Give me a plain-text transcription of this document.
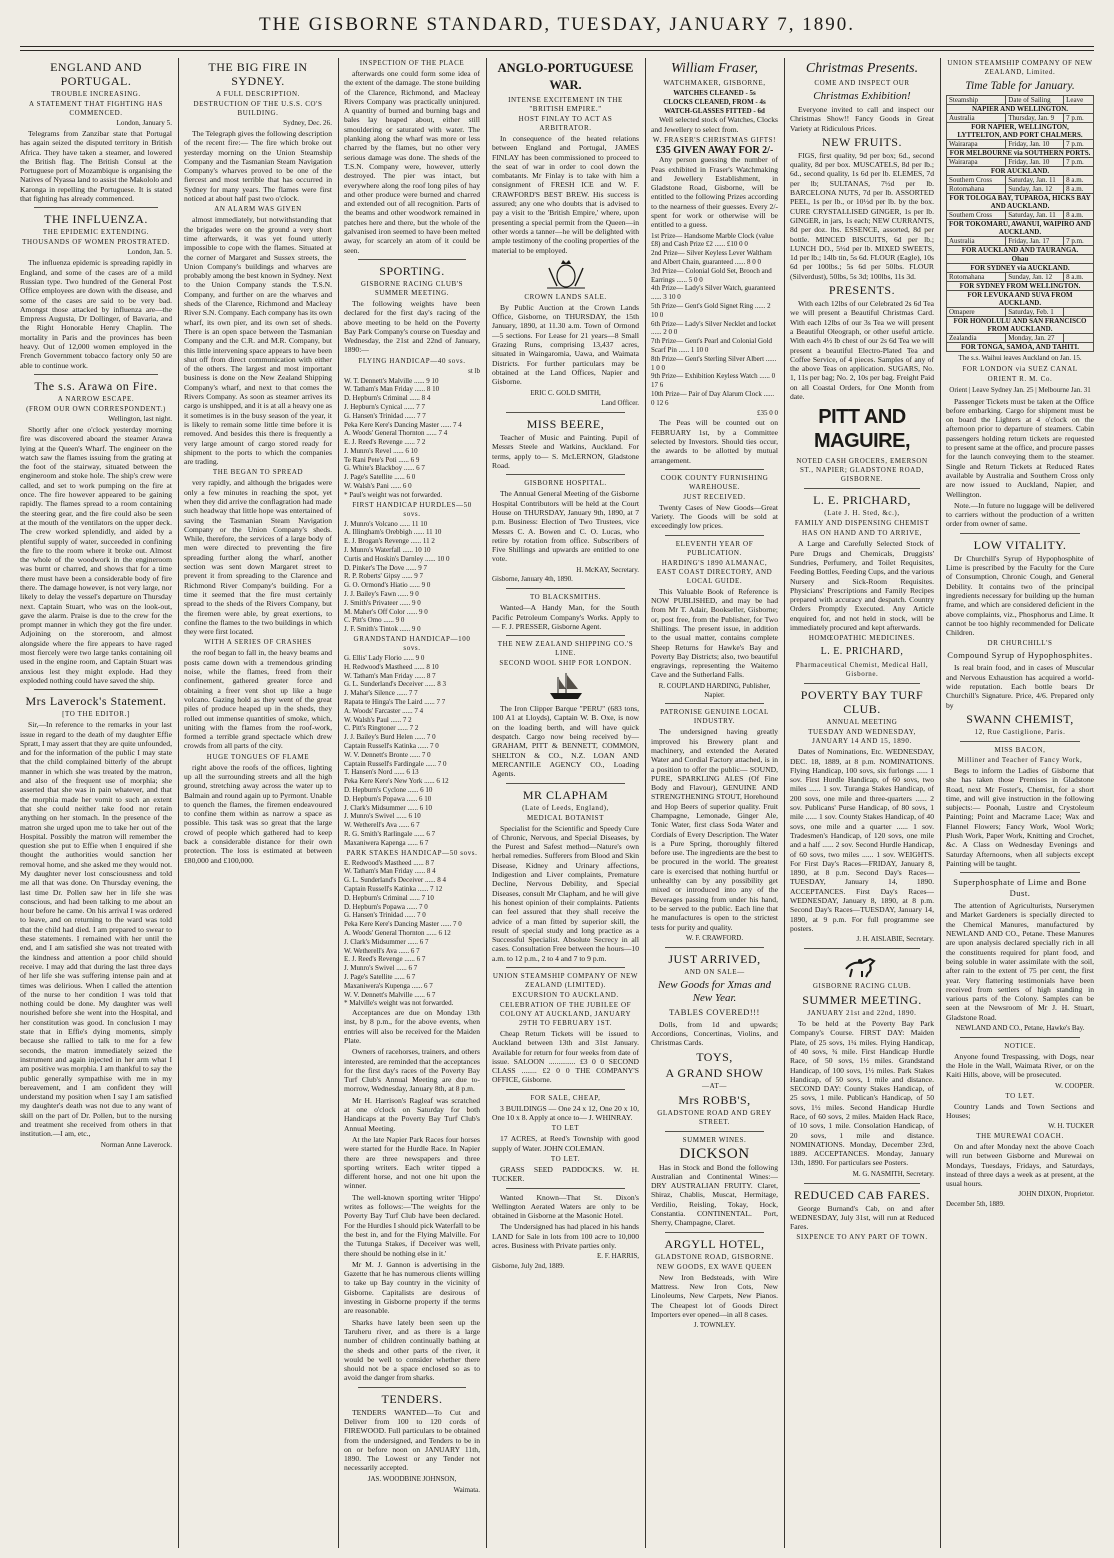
THE GISBORNE STANDARD, TUESDAY, JANUARY 7, 1890.
ENGLAND AND PORTUGAL.
TROUBLE INCREASING.
A STATEMENT THAT FIGHTING HAS COMMENCED.
London, January 5.

Telegrams from Zanzibar state that Portugal has again seized the disputed territory in British Africa. They have taken a steamer, and lowered the British flag. The British Consul at the Portuguese port of Mozambique is organising the Natives of Nyassa land to assist the Makololo and Karonga in repelling the Portuguese. It is stated that fighting has already commenced.

THE INFLUENZA.
THE EPIDEMIC EXTENDING.
THOUSANDS OF WOMEN PROSTRATED.
London, Jan. 5.

The influenza epidemic is spreading rapidly in England, and some of the cases are of a mild Russian type. Two hundred of the General Post Office employees are down with the disease, and some of the cases are said to be very bad. Amongst those attacked by influenza are—the Empress Augusta, Dr Dollinger, of Bavaria, and the Right Honorable Henry Chaplin. The mortality in Paris and the provinces has been heavy. Out of 12,000 women employed in the French Government tobacco factory only 50 are able to continue work.

The s.s. Arawa on Fire.
A NARROW ESCAPE.
(FROM OUR OWN CORRESPONDENT.)
Wellington, last night.

Shortly after one o'clock yesterday morning fire was discovered aboard the steamer Arawa lying at the Queen's Wharf. The engineer on the watch saw the flames issuing from the grating at the foot of the stairway, situated between the engineroom and stoke hole. The ship's crew were called, and set to work pumping on the fire at once. The fire however appeared to be gaining rapidly. The flames spread to a room containing the steering gear, and the fire could also be seen at the mouth of the ventilators on the upper deck. The crew worked splendidly, and aided by a plentiful supply of water, succeeded in confining the fire to the room where it broke out. Almost the whole of the woodwork in the engineroom was burnt or charred, and shows that for a time there must have been a considerable body of fire there. The damage however, is not very large, nor likely to delay the vessel's departure on Thursday next. Captain Stuart, who was on the look-out, gave the alarm. Praise is due to the crew for the prompt manner in which they got the fire under. Adjoining on the storeroom, and almost alongside where the fire appears to have raged most fiercely were two large tanks containing oil used in the engine room, and Captain Stuart was anxious lest they might explode. Had they exploded nothing could have saved the ship.

Mrs Laverock's Statement.
[TO THE EDITOR.]

Sir,—In reference to the remarks in your last issue in regard to the death of my daughter Effie Spratt, I may assert that they are quite unfounded, and for the information of the public I may state that the child complained bitterly of the abrupt manner in which she was treated by the matron, and also of the frequent use of morphia; she asserted that she was in pain whatever, and that the morphia made her vomit to such an extent that she could neither take food nor retain anything on her stomach. In the presence of the matron she urged upon me to take her out of the Hospital. Possibly the matron will remember the question she put to Effie when I enquired if she thought the authorities would sanction her removal home, and she asked me they would not. My daughter never lost consciousness and told me all that was done. On Thursday evening, the last time Dr. Pollen saw her in life she was conscious, and had been talking to me about an hour before he came. On his arrival I was ordered to leave, and on returning to the ward was told that the child had died. I am prepared to swear to these statements. I remained with her until the end, and I am satisfied she was not treated with the kindness and attention a poor child should receive. I may add that during the last three days of her life she was suffering intense pain and at times was delirious. When I called the attention of the nurse to her condition I was told that nothing could be done. My daughter was well nourished before she went into the Hospital, and her constitution was good. In conclusion I may state that in Effie's dying moments, simply because she rallied to talk to me for a few seconds, the matron immediately seized the instrument and again injected in her arm what I am positive was morphia. I am thankful to say the public generally sympathise with me in my bereavement, and I am confident they will understand my position when I say I am satisfied my daughter's death was not due to any want of skill on the part of Dr. Pollen, but to the nursing and treatment she received from others in that institution.—I am, etc.,

Norman Anne Laverock.
THE BIG FIRE IN SYDNEY.
A FULL DESCRIPTION.
DESTRUCTION OF THE U.S.S. CO'S BUILDING.
Sydney, Dec. 26.

The Telegraph gives the following description of the recent fire:— The fire which broke out yesterday morning on the Union Steamship Company and the Tasmanian Steam Navigation Company's wharves proved to be one of the fiercest and most terrible that has occurred in Sydney for many years. The flames were first noticed at about half past two o'clock.

AN ALARM WAS GIVEN

almost immediately, but notwithstanding that the brigades were on the ground a very short time afterwards, it was yet found utterly impossible to cope with the flames. Situated at the corner of Margaret and Sussex streets, the Union Company's buildings and wharves are probably among the best known in Sydney. Next to the Union Company stands the T.S.N. Company, and further on are the wharves and sheds of the Clarence, Richmond and Macleay River S.N. Company. Each company has its own wharf, its own pier, and its own set of sheds. There is an open space between the Tasmanian Company and the C.R. and M.R. Company, but this little intervening space appears to have been shut off from direct communication with either of the others. The largest and most important business is done on the New Zealand Shipping Company's wharf, and next to that comes the Rivers Company. As soon as steamer arrives its cargo is unshipped, and it is at all a heavy one as it sometimes is in the busy season of the year, it is likely to remain some little time before it is removed. And besides this there is frequently a very large amount of cargo stored ready for shipment to the ports to which the companies are trading.

THE BEGAN TO SPREAD

very rapidly, and although the brigades were only a few minutes in reaching the spot, yet when they did arrive the conflagration had made such headway that little hope was entertained of saving the Tasmanian Steam Navigation Company or the Union Company's sheds. While, therefore, the services of a large body of men were directed to preventing the fire spreading further along the wharf, another section was sent down Margaret street to prevent it from spreading to the Clarence and Richmond River Company's building. For a time it seemed that the fire must certainly spread to the sheds of the Rivers Company, but the firemen were able, by great exertions, to confine the flames to the two buildings in which they were first located.

WITH A SERIES OF CRASHES

the roof began to fall in, the heavy beams and posts came down with a tremendous grinding noise, while the flames, freed from their confinement, gathered greater force and obtaining a freer vent shot up like a huge volcano. Gazing hold as they went of the great piles of produce heaped up in the sheds, they rolled out immense quantities of smoke, which, uniting with the flames from the roof-work, formed a terrible grand spectacle which drew crowds from all parts of the city.

HUGE TONGUES OF FLAME

right above the roofs of the offices, lighting up all the surrounding streets and all the high ground, stretching away across the water up to Balmain and round again up to Pyrmont. Unable to quench the flames, the firemen endeavoured to confine them within as narrow a space as possible. This task was so great that the large crowd of people which gathered had to keep back a considerable distance for their own protection. The loss is estimated at between £80,000 and £100,000.

INSPECTION OF THE PLACE

afterwards one could form some idea of the extent of the damage. The stone building of the Clarence, Richmond, and Macleay Rivers Company was practically uninjured. A quantity of burned and burning bags and bales lay heaped about, either still smouldering or saturated with water. The planking along the wharf was more or less charred by the flames, but no other very serious damage was done. The sheds of the T.S.N. Company were, however, utterly destroyed. The pier was intact, but everywhere along the roof long piles of hay and other produce were burned and charred and extended out of all recognition. Parts of the beams and other woodwork remained in patches here and there, but the whole of the galvanised iron seemed to have been melted away, for scarcely an atom of it could be seen.

SPORTING.
GISBORNE RACING CLUB'S SUMMER MEETING.

The following weights have been declared for the first day's racing of the above meeting to be held on the Poverty Bay Park Company's course on Tuesday and Wednesday, the 21st and 22nd of January, 1890:—

FLYING HANDICAP—40 sovs.
st lb
W. T. Dennett's Malville ...... 9 10
W. Tatham's Man Friday ...... 8 10
D. Hepburn's Criminal ...... 8 4
J. Hepburn's Cynical ...... 7 7
G. Hansen's Trinidad ...... 7 7
Peka Kere Kere's Dancing Master ...... 7 4
A. Woods' General Thornton ...... 7 4
E. J. Reed's Revenge ...... 7 2
J. Munro's Revel ...... 6 10
Te Rani Pete's Poti ...... 6 9
G. White's Blackboy ...... 6 7
J. Page's Satellite ...... 6 0
W. Walsh's Pani ...... 6 0
* Paul's weight was not forwarded.
FIRST HANDICAP HURDLES—50 sovs.
J. Munro's Volcano ...... 11 10
A. Illingham's Orebbigh ...... 11 10
E. J. Brogan's Revenge ...... 11 2
J. Munro's Waterfall ...... 10 10
Curtis and Hoskin's Darnley ...... 10 0
D. Pinker's The Dove ...... 9 7
R. P. Roberts' Gipsy ...... 9 7
G. O. Ormond's Hiatio ...... 9 0
J. J. Bailey's Fawn ...... 9 0
J. Smith's Privateer ...... 9 0
M. Maher's Off Color ...... 9 0
C. Pitt's Omo ...... 9 0
J. F. Smith's Tintok ...... 9 0
GRANDSTAND HANDICAP—100 sovs.
G. Ellis' Lady Florio ...... 9 0
H. Redwood's Mastheed ...... 8 10
W. Tatham's Man Friday ...... 8 7
G. L. Sunderland's Deceiver ...... 8 3
J. Mahar's Silence ...... 7 7
Rapata te Hinga's The Laird ...... 7 7
A. Woods' Farcaster ...... 7 4
W. Walsh's Paul ...... 7 2
C. Pitt's Ringtoner ...... 7 2
J. J. Bailey's Burd Helen ...... 7 0
Captain Russell's Katinka ...... 7 0
W. V. Dennett's Bronte ...... 7 0
Captain Russell's Fardingale ...... 7 0
T. Hansen's Nord ...... 6 13
Peka Kere Kere's New York ...... 6 12
D. Hepburn's Cyclone ...... 6 10
D. Hepburn's Popawa ...... 6 10
J. Clark's Midsummer ...... 6 10
J. Munro's Swivel ...... 6 10
W. Wetherell's Ava ...... 6 7
R. G. Smith's Rarlingale ...... 6 7
Maxaniwera Kapenga ...... 6 7
PARK STAKES HANDICAP—50 sovs.
E. Redwood's Mastheed ...... 8 7
W. Tatham's Man Friday ...... 8 4
G. L. Sunderland's Deceiver ...... 8 4
Captain Russell's Katinka ...... 7 12
D. Hepburn's Criminal ...... 7 10
D. Hepburn's Popawa ...... 7 0
G. Hansen's Trinidad ...... 7 0
Peka Kere Kere's Dancing Master ...... 7 0
A. Woods' General Thornton ...... 6 12
J. Clark's Midsummer ...... 6 7
W. Wetherell's Ava ...... 6 7
E. J. Reed's Revenge ...... 6 7
J. Munro's Swivel ...... 6 7
J. Page's Satellite ...... 6 7
Maxaniwera's Kupenga ...... 6 7
W. V. Dennett's Malville ...... 6 7
* Malville's weight was not forwarded.

Acceptances are due on Monday 13th inst, by 8 p.m., for the above events, when entries will also be received for the Maiden Plate.

Owners of racehorses, trainers, and others interested, are reminded that the acceptances for the first day's races of the Poverty Bay Turf Club's Annual Meeting are due to-morrow, Wednesday, January 8th, at 8 p.m.

Mr H. Harrison's Ragleaf was scratched at one o'clock on Saturday for both Handicaps at the Poverty Bay Turf Club's Annual Meeting.

At the late Napier Park Races four horses were started for the Hurdle Race. In Napier there are three newspapers and three sporting writers. Each writer tipped a different horse, and not one hit upon the winner.

The well-known sporting writer 'Hippo' writes as follows:—'The weights for the Poverty Bay Turf Club have been declared. For the Hurdles I should pick Waterfall to be the best in, and for the Flying Malville. For the Tutunga Stakes, if Deceiver was well, there should be nothing else in it.'

Mr M. J. Gannon is advertising in the Gazette that he has numerous clients willing to take up Bay country in the vicinity of Gisborne. Capitalists are desirous of investing in Gisborne property if the terms are reasonable.

Sharks have lately been seen up the Taruheru river, and as there is a large number of children continually bathing at the sheds and other parts of the river, it would be well to consider whether there should not be a space enclosed so as to avoid the danger from sharks.

TENDERS.

TENDERS WANTED—To Cut and Deliver from 100 to 120 cords of FIREWOOD. Full particulars to be obtained from the undersigned, and Tenders to be in on or before noon on JANUARY 11th, 1890. The Lowest or any Tender not necessarily accepted.

JAS. WOODBINE JOHNSON,
Waimata.
ANGLO-PORTUGUESE WAR.
INTENSE EXCITEMENT IN THE "BRITISH EMPIRE."
HOST FINLAY TO ACT AS ARBITRATOR.

In consequence of the heated relations between England and Portugal, JAMES FINLAY has been commissioned to proceed to the seat of war in order to cool down the combatants. Mr Finlay is to take with him a consignment of FRESH ICE and W. F. CRAWFORD'S BEST BREW. His success is assured; any one who doubts that is advised to pay a visit to the 'British Empire,' where, upon presenting a special permit from the Queen—in other words a tanner—he will be delighted with ample testimony of the cooling properties of the material to be employed.

CROWN LANDS SALE.

By Public Auction at the Crown Lands Office, Gisborne, on THURSDAY, the 15th January, 1890, at 11.30 a.m. Town of Ormond—5 sections. For Lease for 21 years—8 Small Grazing Runs, comprising 13,437 acres, situated in Waingaromia, Uawa, and Waimata Districts. For further particulars may be obtained at the Land Offices, Napier and Gisborne.

ERIC C. GOLD SMITH,
Land Officer.
MISS BEERE,

Teacher of Music and Painting. Pupil of Messrs Steele and Watkins, Auckland. For terms, apply to— S. McLERNON, Gladstone Road.

GISBORNE HOSPITAL.

The Annual General Meeting of the Gisborne Hospital Contributors will be held at the Court House on THURSDAY, January 9th, 1890, at 7 p.m. Business: Election of Two Trustees, vice Messrs C. A. Bowen and C. O. Lucas, who retire by rotation from office. Subscribers of Five Shillings and upwards are entitled to one vote.

H. McKAY, Secretary.
Gisborne, January 4th, 1890.
TO BLACKSMITHS.

Wanted—A Handy Man, for the South Pacific Petroleum Company's Works. Apply to— F. J. PRESSER, Gisborne Agent.

THE NEW ZEALAND SHIPPING CO.'S LINE.
SECOND WOOL SHIP FOR LONDON.

The Iron Clipper Barque "PERU" (683 tons, 100 A1 at Lloyds), Captain W. B. Oxe, is now on the loading berth, and will have quick despatch. Cargo now being received by— GRAHAM, PITT & BENNETT, COMMON, SHELTON & CO., N.Z. LOAN AND MERCANTILE AGENCY CO., Loading Agents.

MR CLAPHAM
(Late of Leeds, England),
MEDICAL BOTANIST

Specialist for the Scientific and Speedy Cure of Chronic, Nervous, and Special Diseases, by the Purest and Safest method—Nature's own herbal remedies. Sufferers from Blood and Skin Disease, Kidney and Urinary affections, Indigestion and Liver complaints, Premature Decline, Nervous Debility, and Special Diseases, consult Mr Clapham, and he will give his honest opinion of their complaints. Patients can feel assured that they shall receive the advice of a man fitted by superior skill, the result of special study and long practice as a Successful Specialist. Absolute Secrecy in all cases. Consultation Free between the hours—10 a.m. to 12 p.m., 2 to 4 and 7 to 9 p.m.

UNION STEAMSHIP COMPANY OF NEW ZEALAND (LIMITED).
EXCURSION TO AUCKLAND.
CELEBRATION OF THE JUBILEE OF COLONY AT AUCKLAND, JANUARY 29TH TO FEBRUARY 1ST.

Cheap Return Tickets will be issued to Auckland between 13th and 31st January. Available for return for four weeks from date of issue. SALOON .............. £3 0 0 SECOND CLASS ........ £2 0 0 THE COMPANY'S OFFICE, Gisborne.

FOR SALE, CHEAP,

3 BUILDINGS — One 24 x 12, One 20 x 10, One 10 x 8. Apply at once to— J. WHINRAY.

TO LET

17 ACRES, at Reed's Township with good supply of Water. JOHN COLEMAN.

TO LET.

GRASS SEED PADDOCKS. W. H. TUCKER.

Wanted Known—That St. Dixon's Wellington Aerated Waters are only to be obtained in Gisborne at the Masonic Hotel.

The Undersigned has had placed in his hands LAND for Sale in lots from 100 acre to 10,000 acres. Business with Private parties only.

E. F. HARRIS,
Gisborne, July 2nd, 1889.
William Fraser,
WATCHMAKER, GISBORNE,
WATCHES CLEANED - 5s
CLOCKS CLEANED, FROM - 4s
WATCH-GLASSES FITTED - 6d

Well selected stock of Watches, Clocks and Jewellery to select from.

W. FRASER'S CHRISTMAS GIFTS!
£35 GIVEN AWAY FOR 2/-

Any person guessing the number of Peas exhibited in Fraser's Watchmaking and Jewellery Establishment, in Gladstone Road, Gisborne, will be entitled to the following Prizes according to the nearness of their guesses. Every 2/- spent for work or otherwise will be entitled to a guess.

1st Prize— Handsome Marble Clock (value £8) and Cash Prize £2 ...... £10 0 0
2nd Prize— Silver Keyless Lever Waltham and Albert Chain, guaranteed ...... 8 0 0
3rd Prize— Colonial Gold Set, Brooch and Earrings ...... 5 0 0
4th Prize— Lady's Silver Watch, guaranteed ...... 3 10 0
5th Prize— Gent's Gold Signet Ring ...... 2 10 0
6th Prize— Lady's Silver Necklet and locket ...... 2 0 0
7th Prize— Gent's Pearl and Colonial Gold Scarf Pin ...... 1 10 0
8th Prize— Gent's Sterling Silver Albert ...... 1 0 0
9th Prize— Exhibition Keyless Watch ...... 0 17 6
10th Prize— Pair of Day Alarum Clock ...... 0 12 6
£35 0 0

The Peas will be counted out on FEBRUARY 1st, by a Committee selected by Investors. Should ties occur, the awards to be allotted by mutual arrangement.

COOK COUNTY FURNISHING WAREHOUSE.
JUST RECEIVED.

Twenty Cases of New Goods—Great Variety. The Goods will be sold at exceedingly low prices.

ELEVENTH YEAR OF PUBLICATION.
HARDING'S 1890 ALMANAC, EAST COAST DIRECTORY, AND LOCAL GUIDE.

This Valuable Book of Reference is NOW PUBLISHED, and may be had from Mr T. Adair, Bookseller, Gisborne; or, post free, from the Publisher, for Two Shillings. The present issue, in addition to the usual matter, contains complete Sheep Returns for Hawke's Bay and Poverty Bay Districts; also, two beautiful engravings, representing the Waitemo Cave and the Sutherland Falls.

R. COUPLAND HARDING, Publisher, Napier.
PATRONISE GENUINE LOCAL INDUSTRY.

The undersigned having greatly improved his Brewery plant and machinery, and extended the Aerated Water and Cordial Factory attached, is in a position to offer the public— SOUND, PURE, SPARKLING ALES (Of Fine Body and Flavour), GENUINE AND STRENGTHENING STOUT, Horehound and Hop Beers of superior quality. Fruit Champagne, Lemonade, Ginger Ale, Tonic Water, first class Soda Water and Cordials of Every Description. The Water is a Pure Spring, thoroughly filtered before use. The ingredients are the best to be procured in the world. The greatest care is exercised that nothing hurtful or unhealthy can by any possibility get mixed or introduced into any of the Beverages passing from under his hand, to be served to the public. Each line that he manufactures is open to the strictest tests for purity and quality.

W. F. CRAWFORD.
JUST ARRIVED,
AND ON SALE—
New Goods for Xmas and New Year.
TABLES COVERED!!!

Dolls, from 1d and upwards; Accordions, Concertinas, Violins, and Christmas Cards.

TOYS,
A GRAND SHOW
—AT—
Mrs ROBB'S,
GLADSTONE ROAD AND GREY STREET.
SUMMER WINES.
DICKSON

Has in Stock and Bond the following Australian and Continental Wines:— DRY AUSTRALIAN FRUITY. Claret, Shiraz, Chablis, Muscat, Hermitage, Verdilio, Reisling, Tokay, Hock, Constantia. CONTINENTAL. Port, Sherry, Champagne, Claret.

ARGYLL HOTEL,
GLADSTONE ROAD, GISBORNE.
NEW GOODS, EX WAVE QUEEN

New Iron Bedsteads, with Wire Mattress. New Iron Cots, New Linoleums, New Carpets, New Pianos. The Cheapest lot of Goods Direct Importers ever opened—in all 8 cases.

J. TOWNLEY.
Christmas Presents.
COME AND INSPECT OUR
Christmas Exhibition!

Everyone invited to call and inspect our Christmas Show!! Fancy Goods in Great Variety at Ridiculous Prices.

NEW FRUITS.

FIGS, first quality, 9d per box; 6d., second quality, 8d per box. MUSCATELS, 8d per lb.; 6d., second quality, 1s 6d per lb. ELEMES, 7d per lb; SULTANAS, 7½d per lb. BARCELONA NUTS, 7d per lb. ASSORTED PEEL, 1s per lb., or 10½d per lb. by the box. CURE CRYSTALLISED GINGER, 1s per lb. GINGER, in jars, 1s each; NEW CURRANTS, 8d per doz. lbs. ESSENCE, assorted, 8d per bottle. MINCED BISCUITS, 6d per lb.; LUNCH DO., 5½d per lb. MIXED SWEETS, 1d per lb.; 14lb tin, 5s 6d. FLOUR (Eagle), 10s 6d per 100lbs.; 5s 6d per 50lbs. FLOUR (Silverdust), 50lbs, 5s 3d; 100lbs, 11s 3d.

PRESENTS.

With each 12lbs of our Celebrated 2s 6d Tea we will present a Beautiful Christmas Card. With each 12lbs of our 3s Tea we will present a Beautiful Oleograph, or other useful article. With each 4½ lb chest of our 2s 6d Tea we will present a beautiful Electro-Plated Tea and Coffee Service, of 4 pieces. Samples of any of the above Teas on application. SUGARS, No. 1, 11s per bag; No. 2, 10s per bag. Freight Paid on all Coastal Orders, for One Month from date.

PITT AND MAGUIRE,
NOTED CASH GROCERS, EMERSON ST., NAPIER; GLADSTONE ROAD, GISBORNE.
L. E. PRICHARD,
(Late J. H. Sted, &c.),
FAMILY AND DISPENSING CHEMIST
HAS ON HAND AND TO ARRIVE,

A Large and Carefully Selected Stock of Pure Drugs and Chemicals, Druggists' Sundries, Perfumery, and Toilet Requisites, Feeding Bottles, Feeding Cups, and the various Nursery and Sick-Room Requisites. Physicians' Prescriptions and Family Recipes prepared with accuracy and despatch. Country Orders Promptly Executed. Any Article enquired for, and not held in stock, will be immediately procured and kept afterwards.

HOMŒOPATHIC MEDICINES.
L. E. PRICHARD,
Pharmaceutical Chemist, Medical Hall, Gisborne.
POVERTY BAY TURF CLUB.
ANNUAL MEETING
TUESDAY AND WEDNESDAY, JANUARY 14 AND 15, 1890.

Dates of Nominations, Etc. WEDNESDAY, DEC. 18, 1889, at 8 p.m. NOMINATIONS. Flying Handicap, 100 sovs, six furlongs ...... 1 sov. First Hurdle Handicap, of 60 sovs, two miles ...... 1 sov. Turanga Stakes Handicap, of 200 sovs, one mile and three-quarters ...... 2 sov. Publicans' Purse Handicap, of 80 sovs, 1 mile ...... 1 sov. County Stakes Handicap, of 40 sovs, one mile and a quarter ...... 1 sov. Tradesmen's Handicap, of 120 sovs, one mile and a half ...... 2 sov. Second Hurdle Handicap, of 60 sovs, two miles ...... 1 sov. WEIGHTS. For First Day's Races—FRIDAY, January 8, 1890, at 8 p.m. Second Day's Races—TUESDAY, January 14, 1890. ACCEPTANCES. First Day's Races—WEDNESDAY, January 8, 1890, at 8 p.m. Second Day's Races—TUESDAY, January 14, 1890, at 9 p.m. For full programme see posters.

J. H. AISLABIE, Secretary.
GISBORNE RACING CLUB.
SUMMER MEETING.
JANUARY 21st and 22nd, 1890.

To be held at the Poverty Bay Park Company's Course. FIRST DAY: Maiden Plate, of 25 sovs, 1¼ miles. Flying Handicap, of 40 sovs, ¾ mile. First Handicap Hurdle Race, of 50 sovs, 1½ miles. Grandstand Handicap, of 100 sovs, 1½ miles. Park Stakes Handicap, of 50 sovs, 1 mile and distance. SECOND DAY: County Stakes Handicap, of 25 sovs, 1 mile. Publican's Handicap, of 50 sovs, 1½ miles. Second Handicap Hurdle Race, of 60 sovs, 2 miles. Maiden Hack Race, of 10 sovs, 1 mile. Consolation Handicap, of 20 sovs, 1 mile and distance. NOMINATIONS. Monday, December 23rd, 1889. ACCEPTANCES. Monday, January 13th, 1890. For particulars see Posters.

M. G. NASMITH, Secretary.
REDUCED CAB FARES.

George Burnand's Cab, on and after WEDNESDAY, July 31st, will run at Reduced Fares.

SIXPENCE TO ANY PART OF TOWN.
UNION STEAMSHIP COMPANY OF NEW ZEALAND, Limited.
Time Table for January.
Steamship	Date of Sailing	Leave
NAPIER AND WELLINGTON.		
Australia	Thursday, Jan. 9	7 p.m.
FOR NAPIER, WELLINGTON, LYTTELTON, AND PORT CHALMERS.		
Wairarapa	Friday, Jan. 10	7 p.m.
FOR MELBOURNE via SOUTHERN PORTS.		
Wairarapa	Friday, Jan. 10	7 p.m.
FOR AUCKLAND.		
Southern Cross	Saturday, Jan. 11	8 a.m.
Rotomahana	Sunday, Jan. 12	8 a.m.
FOR TOLOGA BAY, TUPAROA, HICKS BAY AND AUCKLAND.		
Southern Cross	Saturday, Jan. 11	8 a.m.
FOR TOKOMARU, AWANUI, WAIPIRO AND AUCKLAND.		
Australia	Friday, Jan. 17	7 p.m.
FOR AUCKLAND AND TAURANGA.		
Ohau		
FOR SYDNEY via AUCKLAND.		
Rotomahana	Sunday, Jan. 12	8 a.m.
FOR SYDNEY FROM WELLINGTON.		
FOR LEVUKA AND SUVA FROM AUCKLAND.		
Omapere	Saturday, Feb. 1	
FOR HONOLULU AND SAN FRANCISCO FROM AUCKLAND.		
Zealandia	Monday, Jan. 27	
FOR TONGA, SAMOA, AND TAHITI.		
The s.s. Waihui leaves Auckland on Jan. 15.
FOR LONDON via SUEZ CANAL
ORIENT R. M. Co.
Orient | Leave Sydney Jan. 25 | Melbourne Jan. 31

Passenger Tickets must be taken at the Office before embarking. Cargo for shipment must be on board the Lighters at 4 o'clock on the afternoon prior to departure of steamers. Cabin passengers holding return tickets are requested to present same at the office, and procure passes for the launch conveying them to the steamer. Single and Return Tickets at Reduced Rates available by Australia and Southern Cross only are now issued to Auckland, Napier, and Wellington.

Note.—In future no luggage will be delivered to carriers without the production of a written order from owner of same.

LOW VITALITY.

Dr Churchill's Syrup of Hypophosphite of Lime is prescribed by the Faculty for the Cure of Consumption, Chronic Cough, and General Debility. It contains two of the principal ingredients necessary for building up the human frame, and which are considered deficient in the above complaints, viz., Phosphorus and Lime. It cannot be too highly recommended for Delicate Children.

DR CHURCHILL'S
Compound Syrup of Hypophosphites.

Is real brain food, and in cases of Muscular and Nervous Exhaustion has acquired a world-wide reputation. Each bottle bears Dr Churchill's Signature. Price, 4/6. Prepared only by

SWANN CHEMIST,
12, Rue Castiglione, Paris.
MISS BACON,
Milliner and Teacher of Fancy Work,

Begs to inform the Ladies of Gisborne that she has taken those Premises in Gladstone Road, next Mr Foster's, Chemist, for a short time, and will give instruction in the following subjects:— Poonah, Lustre and Crystoleum Painting; Point and Macrame Lace; Wax and Flannel Flowers; Fancy Work, Wool Work; Plush Work, Paper Work, Knitting and Crochet, &c. A Class on Wednesday Evenings and Saturday Afternoons, when all subjects except Painting will be taught.

Superphosphate of Lime and Bone Dust.

The attention of Agriculturists, Nurserymen and Market Gardeners is specially directed to the Chemical Manures, manufactured by NEWLAND AND CO., Petane. These Manures are upon analysis declared specially rich in all the constituents required for plant food, and being soluble in water assimilate with the soil, after rain to the extent of 75 per cent, the first year. Very flattering testimonials have been received from settlers of high standing in various parts of the Colony. Samples can be seen at the Newsroom of Mr J. H. Stuart, Gladstone Road.

NEWLAND AND CO., Petane, Hawke's Bay.
NOTICE.

Anyone found Trespassing, with Dogs, near the Hole in the Wall, Waimata River, or on the Kaiti Hills, above, will be prosecuted.

W. COOPER.
TO LET.

Country Lands and Town Sections and Houses;

W. H. TUCKER
THE MUREWAI COACH.

On and after Monday next the above Coach will run between Gisborne and Murewai on Mondays, Tuesdays, Fridays, and Saturdays, instead of three days a week as at present, at the usual hours.

JOHN DIXON, Proprietor.
December 5th, 1889.
